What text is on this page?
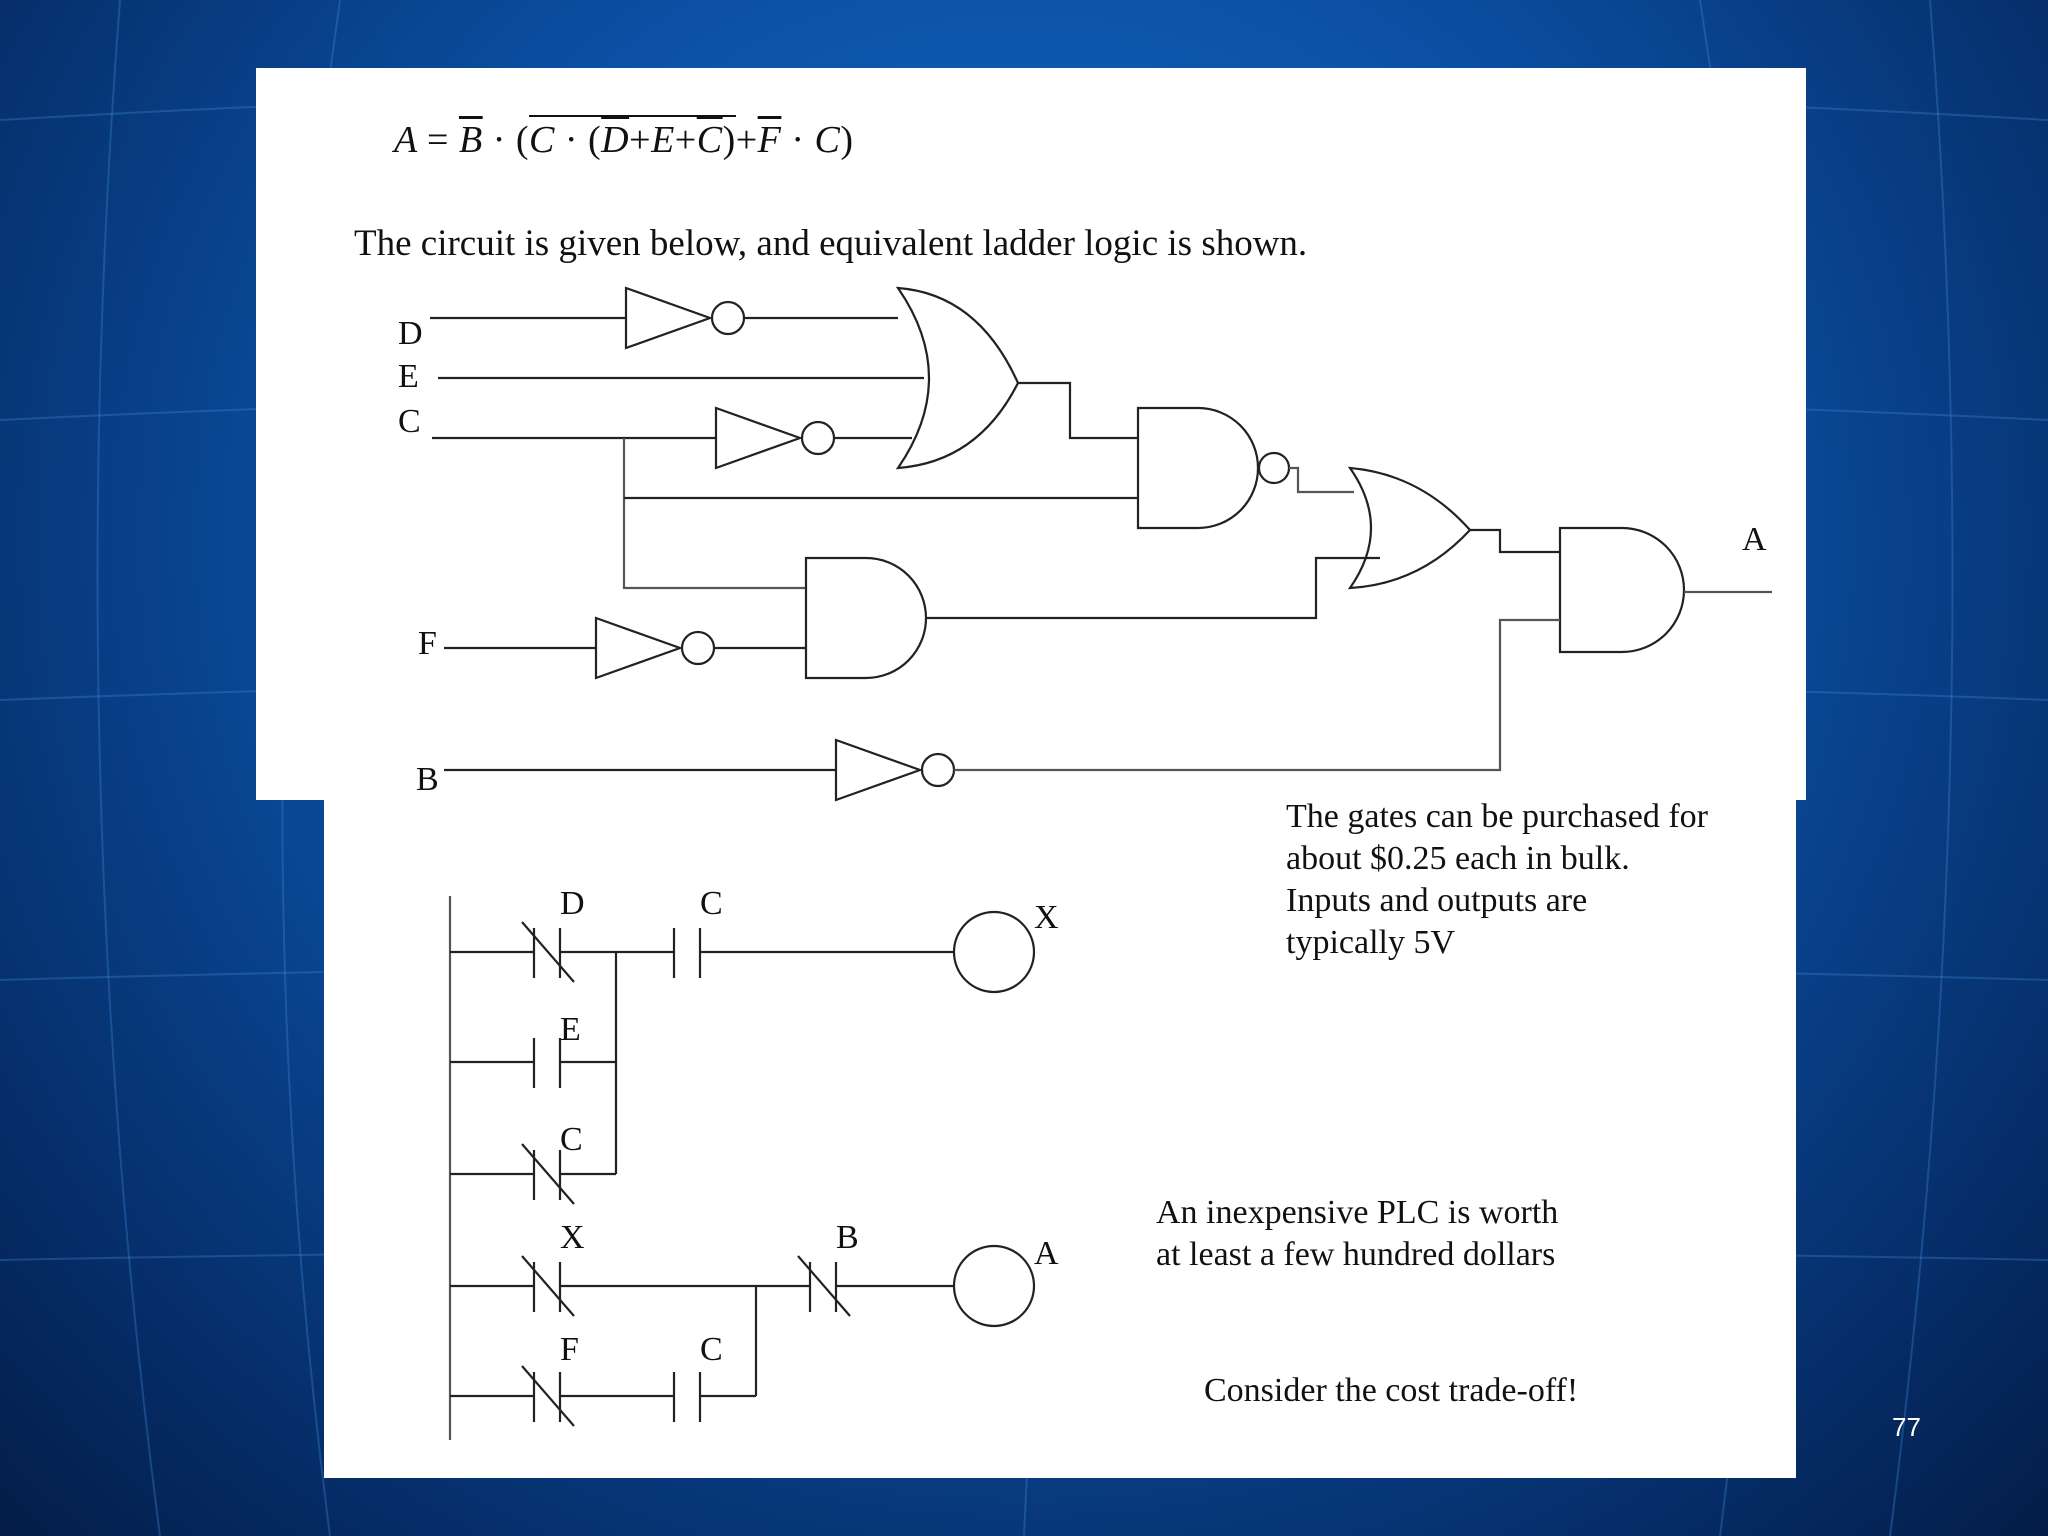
$A = \overline{B} \cdot (C \cdot (\overline{D}+E+\overline{C})+\overline{F} \cdot C)$
The circuit is given below, and equivalent ladder logic is shown.
D
E
C
F
B
A
D	C	X
E
C
X	B	A
F	C
The gates can be purchased for
about $0.25 each in bulk.
Inputs and outputs are
typically 5V
An inexpensive PLC is worth
at least a few hundred dollars
Consider the cost trade-off!
77
